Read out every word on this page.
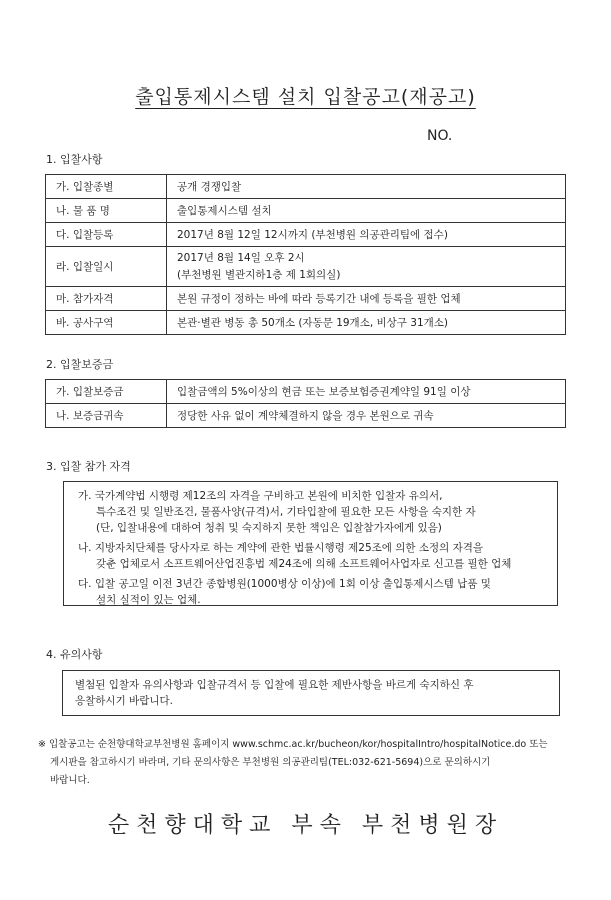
출입통제시스템 설치 입찰공고(재공고)
NO.
1. 입찰사항
가. 입찰종별	공개 경쟁입찰
나. 물 품 명	출입통제시스템 설치
다. 입찰등록	2017년 8월 12일 12시까지 (부천병원 의공관리팀에 접수)
라. 입찰일시	2017년 8월 14일 오후 2시
(부천병원 별관지하1층 제 1회의실)

마. 참가자격	본원 규정이 정하는 바에 따라 등록기간 내에 등록을 필한 업체
바. 공사구역	본관·별관 병동 총 50개소 (자동문 19개소, 비상구 31개소)
2. 입찰보증금
가. 입찰보증금	입찰금액의 5%이상의 현금 또는 보증보험증권계약일 91일 이상
나. 보증금귀속	정당한 사유 없이 계약체결하지 않을 경우 본원으로 귀속
3. 입찰 참가 자격
가. 국가계약법 시행령 제12조의 자격을 구비하고 본원에 비치한 입찰자 유의서,
특수조건 및 일반조건, 물품사양(규격)서, 기타입찰에 필요한 모든 사항을 숙지한 자
(단, 입찰내용에 대하여 청취 및 숙지하지 못한 책임은 입찰참가자에게 있음)
나. 지방자치단체를 당사자로 하는 계약에 관한 법률시행령 제25조에 의한 소정의 자격을
갖춘 업체로서 소프트웨어산업진흥법 제24조에 의해 소프트웨어사업자로 신고를 필한 업체
다. 입찰 공고일 이전 3년간 종합병원(1000병상 이상)에 1회 이상 출입통제시스템 납품 및
설치 실적이 있는 업체.
4. 유의사항
별첨된 입찰자 유의사항과 입찰규격서 등 입찰에 필요한 제반사항을 바르게 숙지하신 후
응찰하시기 바랍니다.
※ 입찰공고는 순천향대학교부천병원 홈페이지 www.schmc.ac.kr/bucheon/kor/hospitalIntro/hospitalNotice.do 또는
게시판을 참고하시기 바라며, 기타 문의사항은 부천병원 의공관리팀(TEL:032-621-5694)으로 문의하시기
바랍니다.
순천향대학교 부속 부천병원장
